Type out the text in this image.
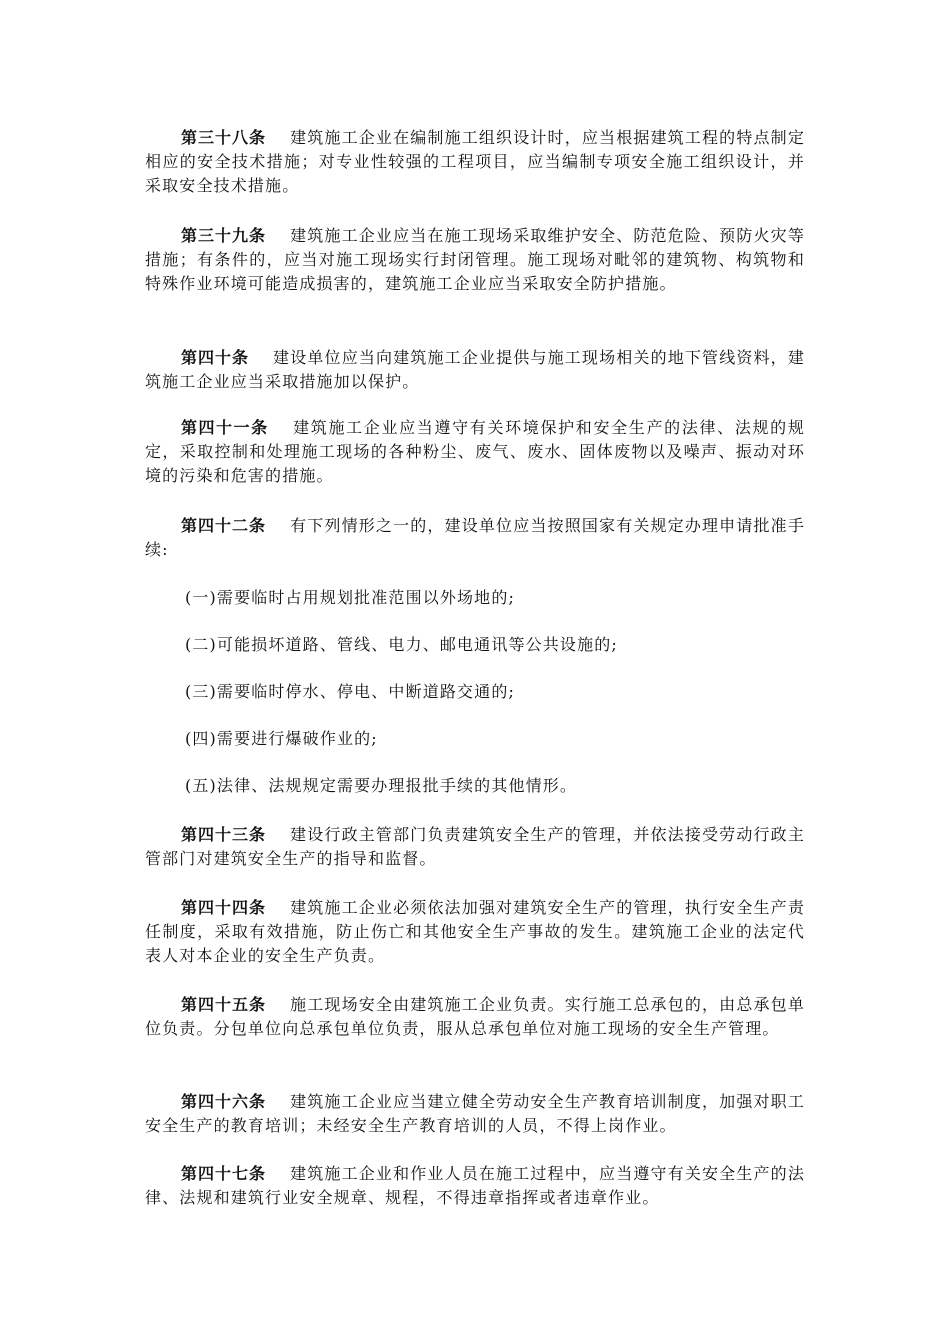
第三十八条 建筑施工企业在编制施工组织设计时，应当根据建筑工程的特点制定相应的安全技术措施；对专业性较强的工程项目，应当编制专项安全施工组织设计，并采取安全技术措施。

第三十九条 建筑施工企业应当在施工现场采取维护安全、防范危险、预防火灾等措施；有条件的，应当对施工现场实行封闭管理。施工现场对毗邻的建筑物、构筑物和特殊作业环境可能造成损害的，建筑施工企业应当采取安全防护措施。

第四十条 建设单位应当向建筑施工企业提供与施工现场相关的地下管线资料，建筑施工企业应当采取措施加以保护。

第四十一条 建筑施工企业应当遵守有关环境保护和安全生产的法律、法规的规定，采取控制和处理施工现场的各种粉尘、废气、废水、固体废物以及噪声、振动对环境的污染和危害的措施。

第四十二条 有下列情形之一的，建设单位应当按照国家有关规定办理申请批准手续:

(一)需要临时占用规划批准范围以外场地的;

(二)可能损坏道路、管线、电力、邮电通讯等公共设施的;

(三)需要临时停水、停电、中断道路交通的;

(四)需要进行爆破作业的;

(五)法律、法规规定需要办理报批手续的其他情形。

第四十三条 建设行政主管部门负责建筑安全生产的管理，并依法接受劳动行政主管部门对建筑安全生产的指导和监督。

第四十四条 建筑施工企业必须依法加强对建筑安全生产的管理，执行安全生产责任制度，采取有效措施，防止伤亡和其他安全生产事故的发生。建筑施工企业的法定代表人对本企业的安全生产负责。

第四十五条 施工现场安全由建筑施工企业负责。实行施工总承包的，由总承包单位负责。分包单位向总承包单位负责，服从总承包单位对施工现场的安全生产管理。

第四十六条 建筑施工企业应当建立健全劳动安全生产教育培训制度，加强对职工安全生产的教育培训；未经安全生产教育培训的人员，不得上岗作业。

第四十七条 建筑施工企业和作业人员在施工过程中，应当遵守有关安全生产的法律、法规和建筑行业安全规章、规程，不得违章指挥或者违章作业。
